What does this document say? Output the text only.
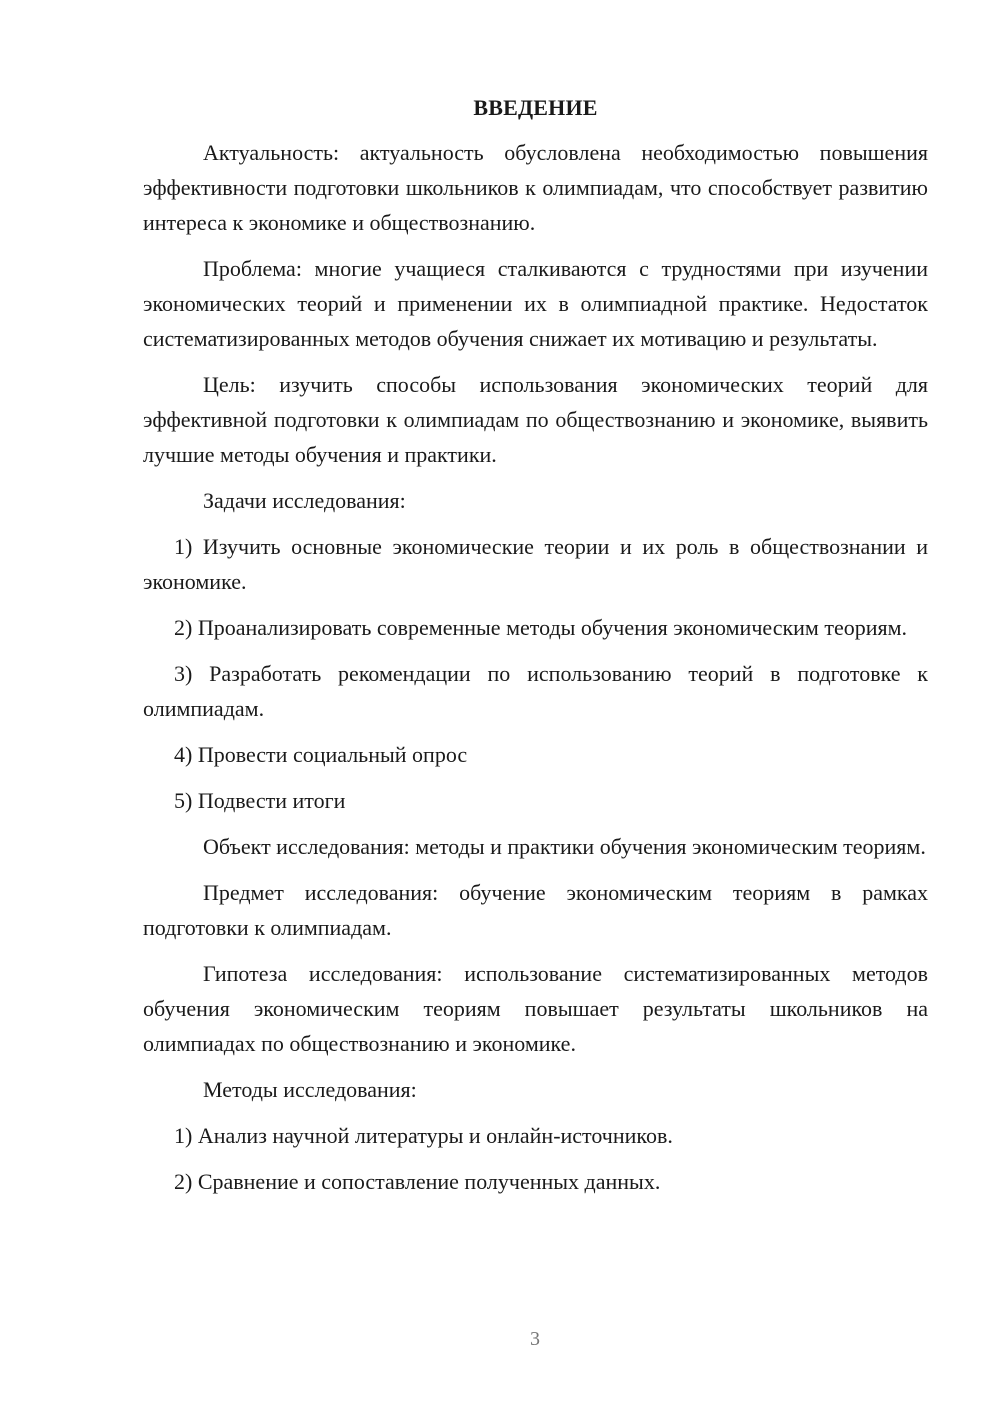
ВВЕДЕНИЕ

Актуальность: актуальность обусловлена необходимостью повышения эффективности подготовки школьников к олимпиадам, что способствует развитию интереса к экономике и обществознанию.

Проблема: многие учащиеся сталкиваются с трудностями при изучении экономических теорий и применении их в олимпиадной практике. Недостаток систематизированных методов обучения снижает их мотивацию и результаты.

Цель: изучить способы использования экономических теорий для эффективной подготовки к олимпиадам по обществознанию и экономике, выявить лучшие методы обучения и практики.

Задачи исследования:

1) Изучить основные экономические теории и их роль в обществознании и экономике.

2) Проанализировать современные методы обучения экономическим теориям.

3) Разработать рекомендации по использованию теорий в подготовке к олимпиадам.

4) Провести социальный опрос

5) Подвести итоги

Объект исследования: методы и практики обучения экономическим теориям.

Предмет исследования: обучение экономическим теориям в рамках подготовки к олимпиадам.

Гипотеза исследования: использование систематизированных методов обучения экономическим теориям повышает результаты школьников на олимпиадах по обществознанию и экономике.

Методы исследования:

1) Анализ научной литературы и онлайн-источников.

2) Сравнение и сопоставление полученных данных.

3
